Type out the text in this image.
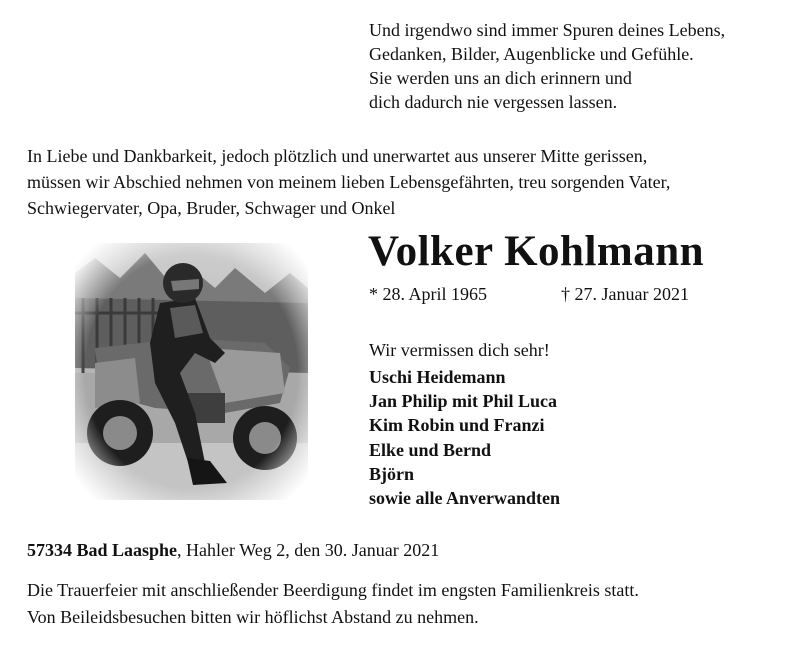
Und irgendwo sind immer Spuren deines Lebens,
Gedanken, Bilder, Augenblicke und Gefühle.
Sie werden uns an dich erinnern und
dich dadurch nie vergessen lassen.
In Liebe und Dankbarkeit, jedoch plötzlich und unerwartet aus unserer Mitte gerissen,
müssen wir Abschied nehmen von meinem lieben Lebensgefährten, treu sorgenden Vater,
Schwiegervater, Opa, Bruder, Schwager und Onkel
Volker Kohlmann
* 28. April 1965	† 27. Januar 2021
Wir vermissen dich sehr!
Uschi Heidemann
Jan Philip mit Phil Luca
Kim Robin und Franzi
Elke und Bernd
Björn
sowie alle Anverwandten
57334 Bad Laasphe, Hahler Weg 2, den 30. Januar 2021
Die Trauerfeier mit anschließender Beerdigung findet im engsten Familienkreis statt.
Von Beileidsbesuchen bitten wir höflichst Abstand zu nehmen.
